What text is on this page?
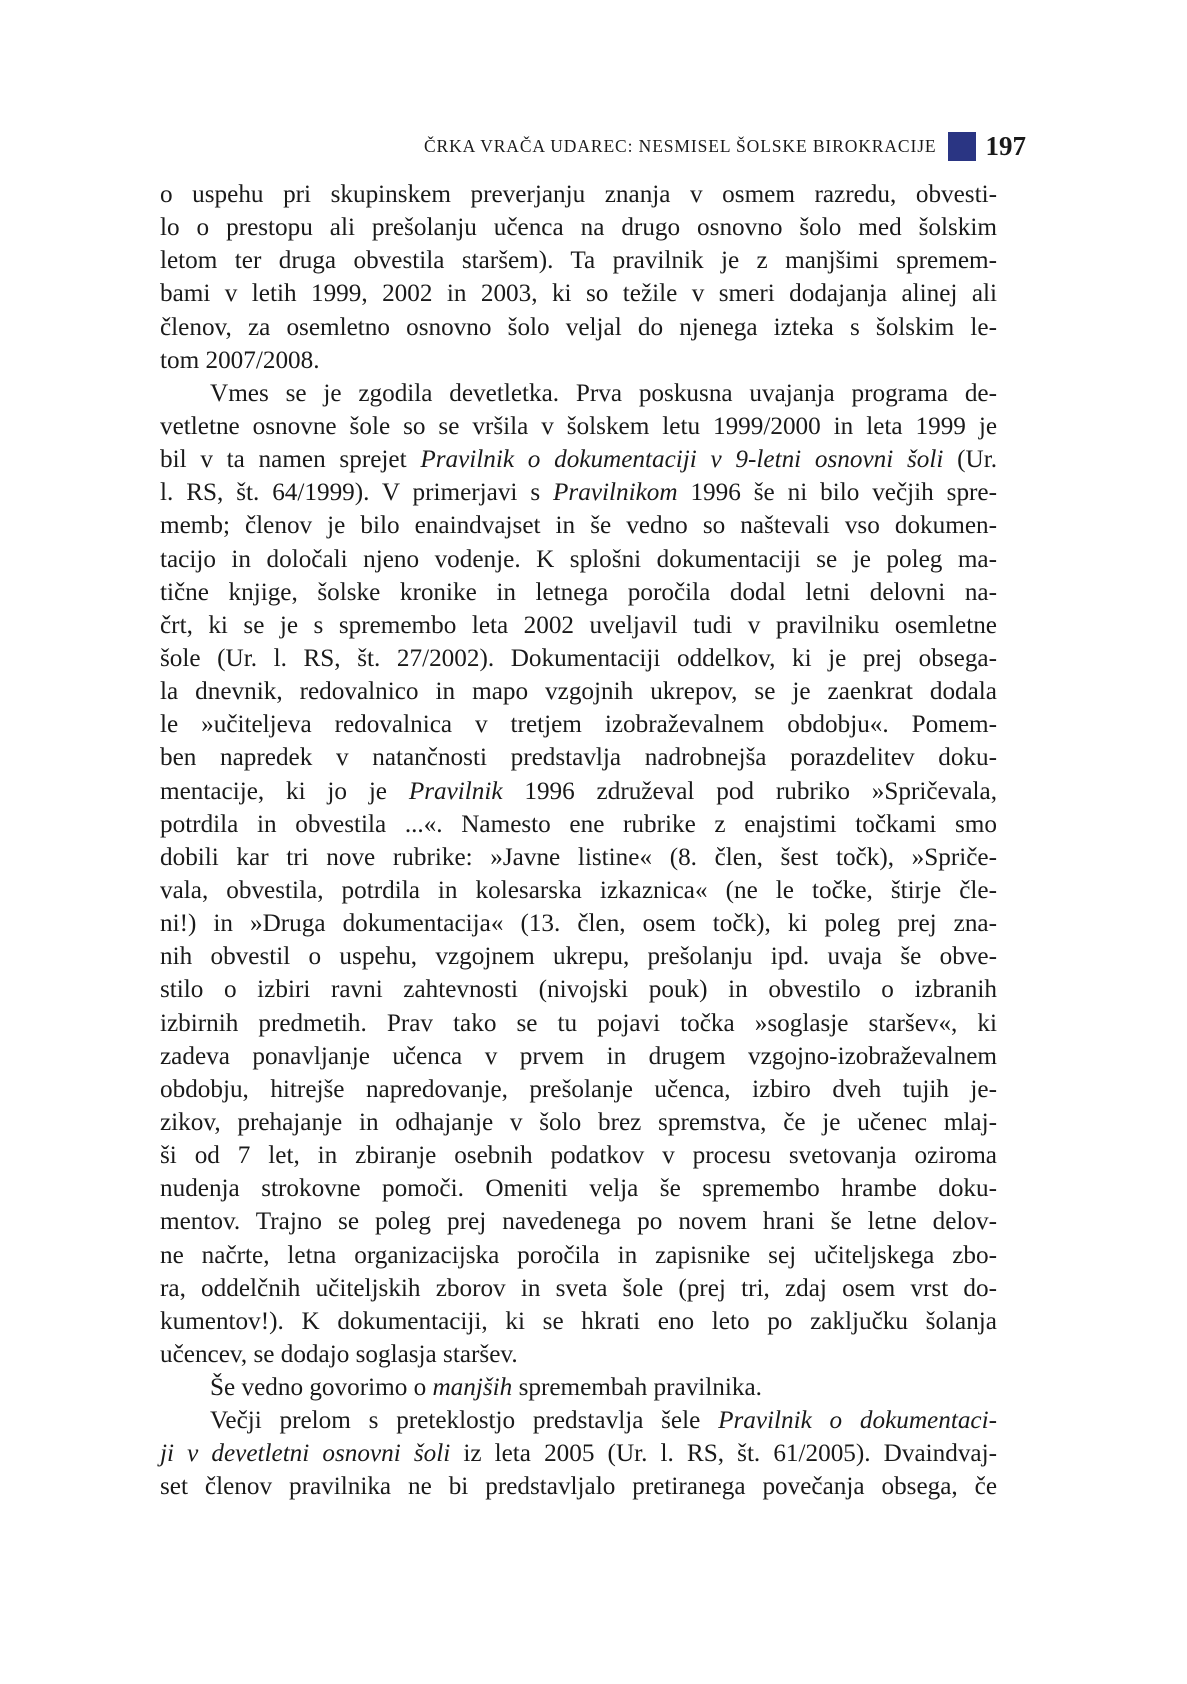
ČRKA VRAČA UDAREC: NESMISEL ŠOLSKE BIROKRACIJE 197
o uspehu pri skupinskem preverjanju znanja v osmem razredu, obvesti-
lo o prestopu ali prešolanju učenca na drugo osnovno šolo med šolskim
letom ter druga obvestila staršem). Ta pravilnik je z manjšimi spremem-
bami v letih 1999, 2002 in 2003, ki so težile v smeri dodajanja alinej ali
členov, za osemletno osnovno šolo veljal do njenega izteka s šolskim le-
tom 2007/2008.
Vmes se je zgodila devetletka. Prva poskusna uvajanja programa de-
vetletne osnovne šole so se vršila v šolskem letu 1999/2000 in leta 1999 je
bil v ta namen sprejet Pravilnik o dokumentaciji v 9-letni osnovni šoli (Ur.
l. RS, št. 64/1999). V primerjavi s Pravilnikom 1996 še ni bilo večjih spre-
memb; členov je bilo enaindvajset in še vedno so naštevali vso dokumen-
tacijo in določali njeno vodenje. K splošni dokumentaciji se je poleg ma-
tične knjige, šolske kronike in letnega poročila dodal letni delovni na-
črt, ki se je s spremembo leta 2002 uveljavil tudi v pravilniku osemletne
šole (Ur. l. RS, št. 27/2002). Dokumentaciji oddelkov, ki je prej obsega-
la dnevnik, redovalnico in mapo vzgojnih ukrepov, se je zaenkrat dodala
le »učiteljeva redovalnica v tretjem izobraževalnem obdobju«. Pomem-
ben napredek v natančnosti predstavlja nadrobnejša porazdelitev doku-
mentacije, ki jo je Pravilnik 1996 združeval pod rubriko »Spričevala,
potrdila in obvestila ...«. Namesto ene rubrike z enajstimi točkami smo
dobili kar tri nove rubrike: »Javne listine« (8. člen, šest točk), »Spriče-
vala, obvestila, potrdila in kolesarska izkaznica« (ne le točke, štirje čle-
ni!) in »Druga dokumentacija« (13. člen, osem točk), ki poleg prej zna-
nih obvestil o uspehu, vzgojnem ukrepu, prešolanju ipd. uvaja še obve-
stilo o izbiri ravni zahtevnosti (nivojski pouk) in obvestilo o izbranih
izbirnih predmetih. Prav tako se tu pojavi točka »soglasje staršev«, ki
zadeva ponavljanje učenca v prvem in drugem vzgojno-izobraževalnem
obdobju, hitrejše napredovanje, prešolanje učenca, izbiro dveh tujih je-
zikov, prehajanje in odhajanje v šolo brez spremstva, če je učenec mlaj-
ši od 7 let, in zbiranje osebnih podatkov v procesu svetovanja oziroma
nudenja strokovne pomoči. Omeniti velja še spremembo hrambe doku-
mentov. Trajno se poleg prej navedenega po novem hrani še letne delov-
ne načrte, letna organizacijska poročila in zapisnike sej učiteljskega zbo-
ra, oddelčnih učiteljskih zborov in sveta šole (prej tri, zdaj osem vrst do-
kumentov!). K dokumentaciji, ki se hkrati eno leto po zaključku šolanja
učencev, se dodajo soglasja staršev.
Še vedno govorimo o manjših spremembah pravilnika.
Večji prelom s preteklostjo predstavlja šele Pravilnik o dokumentaci-
ji v devetletni osnovni šoli iz leta 2005 (Ur. l. RS, št. 61/2005). Dvaindvaj-
set členov pravilnika ne bi predstavljalo pretiranega povečanja obsega, če
